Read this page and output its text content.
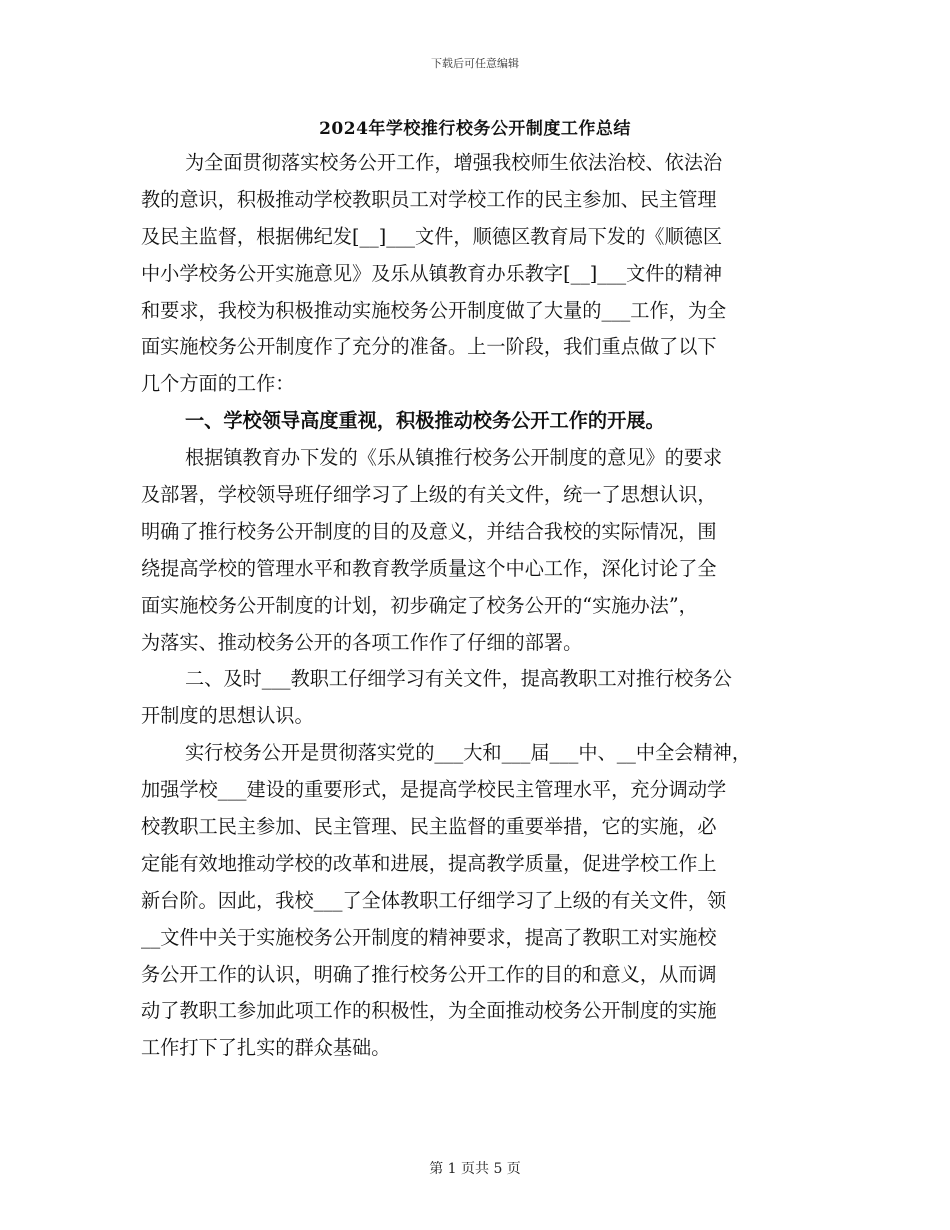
下载后可任意编辑
2024年学校推行校务公开制度工作总结
为全面贯彻落实校务公开工作，增强我校师生依法治校、依法治
教的意识，积极推动学校教职员工对学校工作的民主参加、民主管理
及民主监督，根据佛纪发[__]___文件，顺德区教育局下发的《顺德区
中小学校务公开实施意见》及乐从镇教育办乐教字[__]___文件的精神
和要求，我校为积极推动实施校务公开制度做了大量的___工作，为全
面实施校务公开制度作了充分的准备。上一阶段，我们重点做了以下
几个方面的工作：
一、学校领导高度重视，积极推动校务公开工作的开展。
根据镇教育办下发的《乐从镇推行校务公开制度的意见》的要求
及部署，学校领导班仔细学习了上级的有关文件，统一了思想认识，
明确了推行校务公开制度的目的及意义，并结合我校的实际情况，围
绕提高学校的管理水平和教育教学质量这个中心工作，深化讨论了全
面实施校务公开制度的计划，初步确定了校务公开的“实施办法”，
为落实、推动校务公开的各项工作作了仔细的部署。
二、及时___教职工仔细学习有关文件，提高教职工对推行校务公
开制度的思想认识。
实行校务公开是贯彻落实党的___大和___届___中、__中全会精神，
加强学校___建设的重要形式，是提高学校民主管理水平，充分调动学
校教职工民主参加、民主管理、民主监督的重要举措，它的实施，必
定能有效地推动学校的改革和进展，提高教学质量，促进学校工作上
新台阶。因此，我校___了全体教职工仔细学习了上级的有关文件，领
__文件中关于实施校务公开制度的精神要求，提高了教职工对实施校
务公开工作的认识，明确了推行校务公开工作的目的和意义，从而调
动了教职工参加此项工作的积极性，为全面推动校务公开制度的实施
工作打下了扎实的群众基础。
第 1 页共 5 页
